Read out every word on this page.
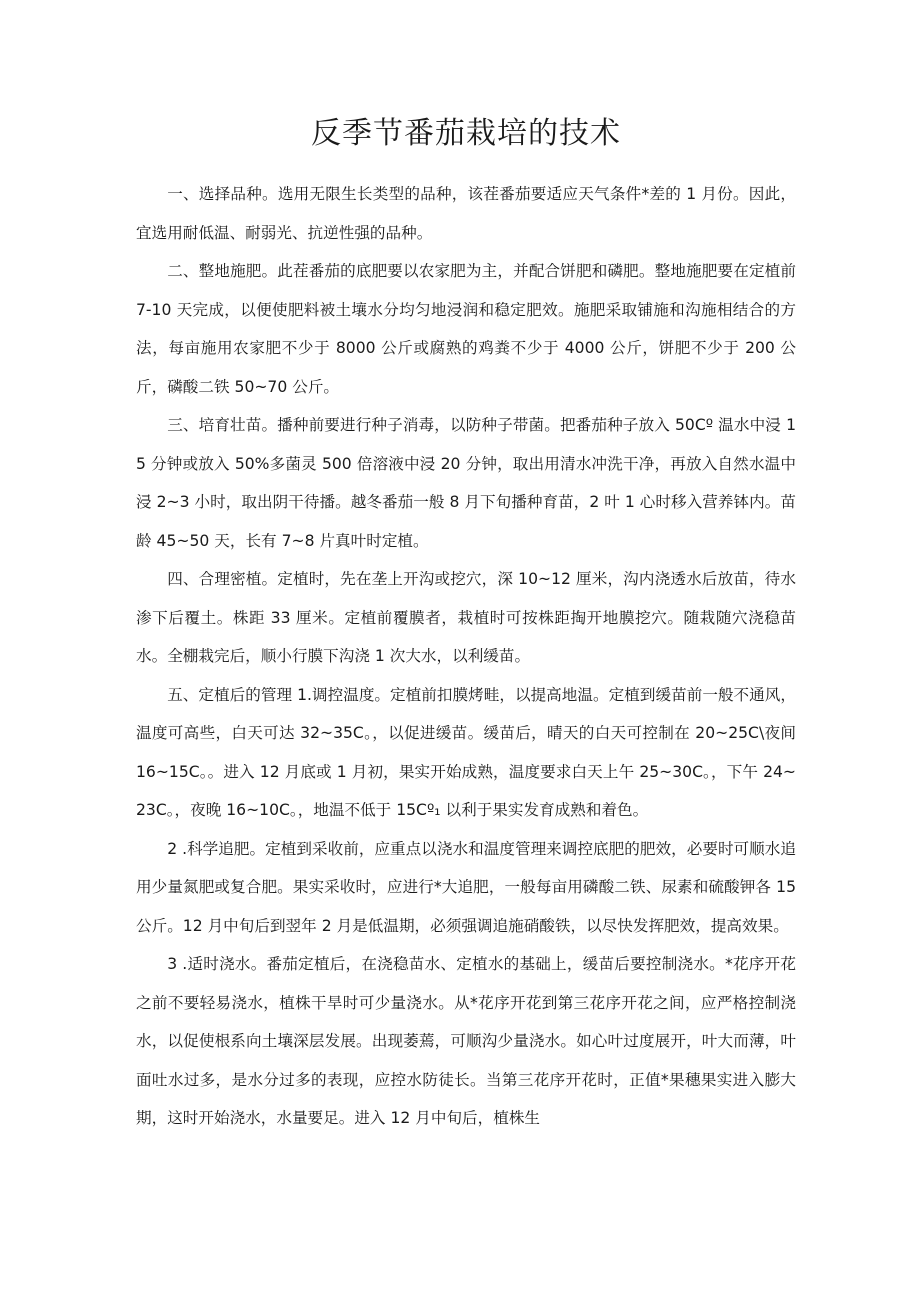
反季节番茄栽培的技术

一、选择品种。选用无限生长类型的品种，该茬番茄要适应天气条件*差的 1 月份。因此，宜选用耐低温、耐弱光、抗逆性强的品种。

二、整地施肥。此茬番茄的底肥要以农家肥为主，并配合饼肥和磷肥。整地施肥要在定植前 7-10 天完成，以便使肥料被土壤水分均匀地浸润和稳定肥效。施肥采取铺施和沟施相结合的方法，每亩施用农家肥不少于 8000 公斤或腐熟的鸡粪不少于 4000 公斤，饼肥不少于 200 公斤，磷酸二铁 50~70 公斤。

三、培育壮苗。播种前要进行种子消毒，以防种子带菌。把番茄种子放入 50Cº 温水中浸 15 分钟或放入 50%多菌灵 500 倍溶液中浸 20 分钟，取出用清水冲洗干净，再放入自然水温中浸 2~3 小时，取出阴干待播。越冬番茄一般 8 月下旬播种育苗，2 叶 1 心时移入营养钵内。苗龄 45~50 天，长有 7~8 片真叶时定植。

四、合理密植。定植时，先在垄上开沟或挖穴，深 10~12 厘米，沟内浇透水后放苗，待水渗下后覆土。株距 33 厘米。定植前覆膜者，栽植时可按株距掏开地膜挖穴。随栽随穴浇稳苗水。全棚栽完后，顺小行膜下沟浇 1 次大水，以利缓苗。

五、定植后的管理 1.调控温度。定植前扣膜烤畦，以提高地温。定植到缓苗前一般不通风，温度可高些，白天可达 32~35C。，以促进缓苗。缓苗后，晴天的白天可控制在 20~25C\夜间 16~15C。。进入 12 月底或 1 月初，果实开始成熟，温度要求白天上午 25~30C。，下午 24~23C。，夜晚 16~10C。，地温不低于 15Cº₁ 以利于果实发育成熟和着色。

2 .科学追肥。定植到采收前，应重点以浇水和温度管理来调控底肥的肥效，必要时可顺水追用少量氮肥或复合肥。果实采收时，应进行*大追肥，一般每亩用磷酸二铁、尿素和硫酸钾各 15 公斤。12 月中旬后到翌年 2 月是低温期，必须强调追施硝酸铁，以尽快发挥肥效，提高效果。

3 .适时浇水。番茄定植后，在浇稳苗水、定植水的基础上，缓苗后要控制浇水。*花序开花之前不要轻易浇水，植株干旱时可少量浇水。从*花序开花到第三花序开花之间，应严格控制浇水，以促使根系向土壤深层发展。出现萎蔫，可顺沟少量浇水。如心叶过度展开，叶大而薄，叶面吐水过多，是水分过多的表现，应控水防徒长。当第三花序开花时，正值*果穗果实进入膨大期，这时开始浇水，水量要足。进入 12 月中旬后，植株生
